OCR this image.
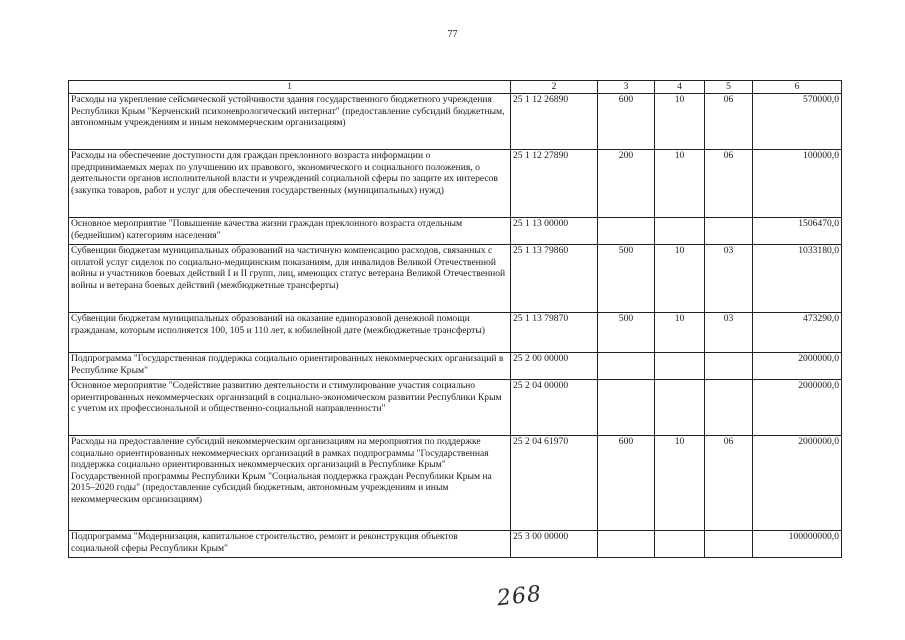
77
1	2	3	4	5	6
Расходы на укрепление сейсмической устойчивости здания государственного бюджетного учреждения Республики Крым "Керченский психоневрологический интернат" (предоставление субсидий бюджетным, автономным учреждениям и иным некоммерческим организациям)	25 1 12 26890	600	10	06	570000,0
Расходы на обеспечение доступности для граждан преклонного возраста информации о предпринимаемых мерах по улучшению их правового, экономического и социального положения, о деятельности органов исполнительной власти и учреждений социальной сферы по защите их интересов (закупка товаров, работ и услуг для обеспечения государственных (муниципальных) нужд)	25 1 12 27890	200	10	06	100000,0
Основное мероприятие "Повышение качества жизни граждан преклонного возраста отдельным (беднейшим) категориям населения"	25 1 13 00000				1506470,0
Субвенции бюджетам муниципальных образований на частичную компенсацию расходов, связанных с оплатой услуг сиделок по социально-медицинским показаниям, для инвалидов Великой Отечественной войны и участников боевых действий I и II групп, лиц, имеющих статус ветерана Великой Отечественной войны и ветерана боевых действий (межбюджетные трансферты)	25 1 13 79860	500	10	03	1033180,0
Субвенции бюджетам муниципальных образований на оказание единоразовой денежной помощи гражданам, которым исполняется 100, 105 и 110 лет, к юбилейной дате (межбюджетные трансферты)	25 1 13 79870	500	10	03	473290,0
Подпрограмма "Государственная поддержка социально ориентированных некоммерческих организаций в Республике Крым"	25 2 00 00000				2000000,0
Основное мероприятие "Содействие развитию деятельности и стимулирование участия социально ориентированных некоммерческих организаций в социально-экономическом развитии Республики Крым с учетом их профессиональной и общественно-социальной направленности"	25 2 04 00000				2000000,0
Расходы на предоставление субсидий некоммерческим организациям на мероприятия по поддержке социально ориентированных некоммерческих организаций в рамках подпрограммы "Государственная поддержка социально ориентированных некоммерческих организаций в Республике Крым" Государственной программы Республики Крым "Социальная поддержка граждан Республики Крым на 2015–2020 годы" (предоставление субсидий бюджетным, автономным учреждениям и иным некоммерческим организациям)	25 2 04 61970	600	10	06	2000000,0
Подпрограмма "Модернизация, капитальное строительство, ремонт и реконструкция объектов социальной сферы Республики Крым"	25 3 00 00000				100000000,0
268
